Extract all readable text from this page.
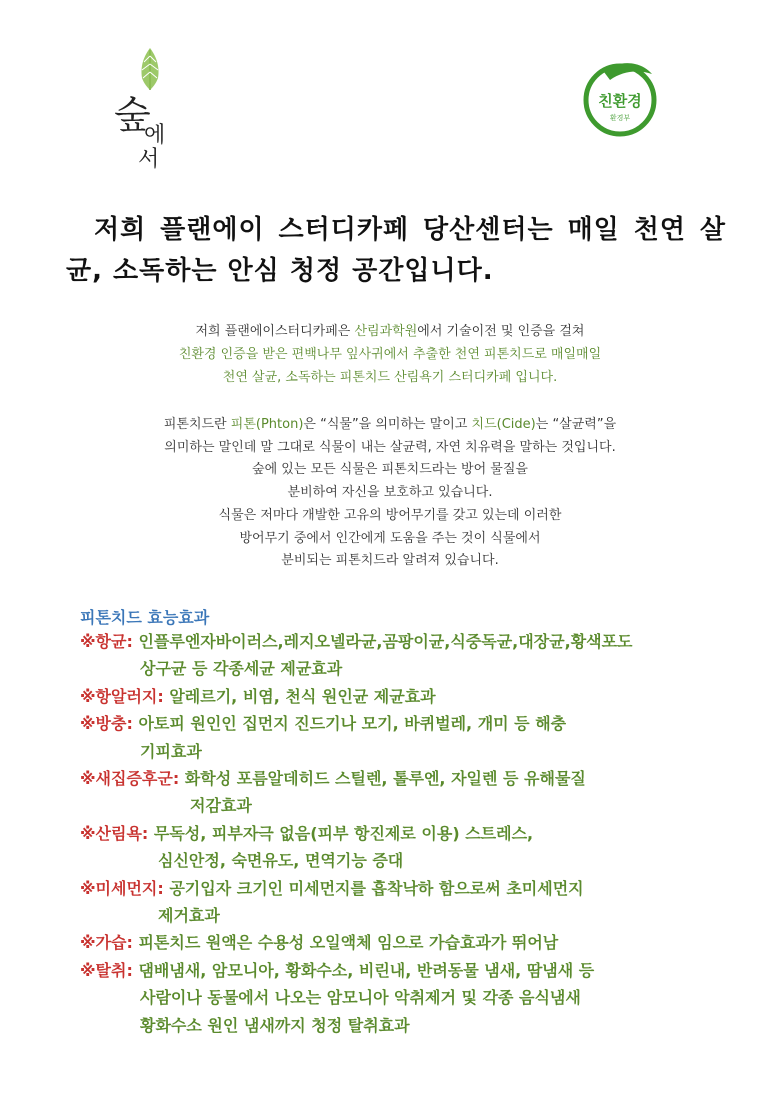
숲
에
서
친환경
환경부
저희 플랜에이 스터디카페 당산센터는 매일 천연 살균, 소독하는 안심 청정 공간입니다.
저희 플랜에이스터디카페은 산림과학원에서 기술이전 및 인증을 걸쳐
친환경 인증을 받은 편백나무 잎사귀에서 추출한 천연 피톤치드로 매일매일
천연 살균, 소독하는 피톤치드 산림욕기 스터디카페 입니다.
피톤치드란 피톤(Phton)은 “식물”을 의미하는 말이고 치드(Cide)는 “살균력”을
의미하는 말인데 말 그대로 식물이 내는 살균력, 자연 치유력을 말하는 것입니다.
숲에 있는 모든 식물은 피톤치드라는 방어 물질을
분비하여 자신을 보호하고 있습니다.
식물은 저마다 개발한 고유의 방어무기를 갖고 있는데 이러한
방어무기 중에서 인간에게 도움을 주는 것이 식물에서
분비되는 피톤치드라 알려져 있습니다.
피톤치드 효능효과
※항균: 인플루엔자바이러스,레지오넬라균,곰팡이균,식중독균,대장균,황색포도
상구균 등 각종세균 제균효과
※항알러지: 알레르기, 비염, 천식 원인균 제균효과
※방충: 아토피 원인인 집먼지 진드기나 모기, 바퀴벌레, 개미 등 해충
기피효과
※새집증후군: 화학성 포름알데히드 스틸렌, 톨루엔, 자일렌 등 유해물질
저감효과
※산림욕: 무독성, 피부자극 없음(피부 항진제로 이용) 스트레스,
심신안정, 숙면유도, 면역기능 증대
※미세먼지: 공기입자 크기인 미세먼지를 흡착낙하 함으로써 초미세먼지
제거효과
※가습: 피톤치드 원액은 수용성 오일액체 임으로 가습효과가 뛰어남
※탈취: 댐배냄새, 암모니아, 황화수소, 비린내, 반려동물 냄새, 땀냄새 등
사람이나 동물에서 나오는 암모니아 악취제거 및 각종 음식냄새
황화수소 원인 냄새까지 청정 탈취효과
